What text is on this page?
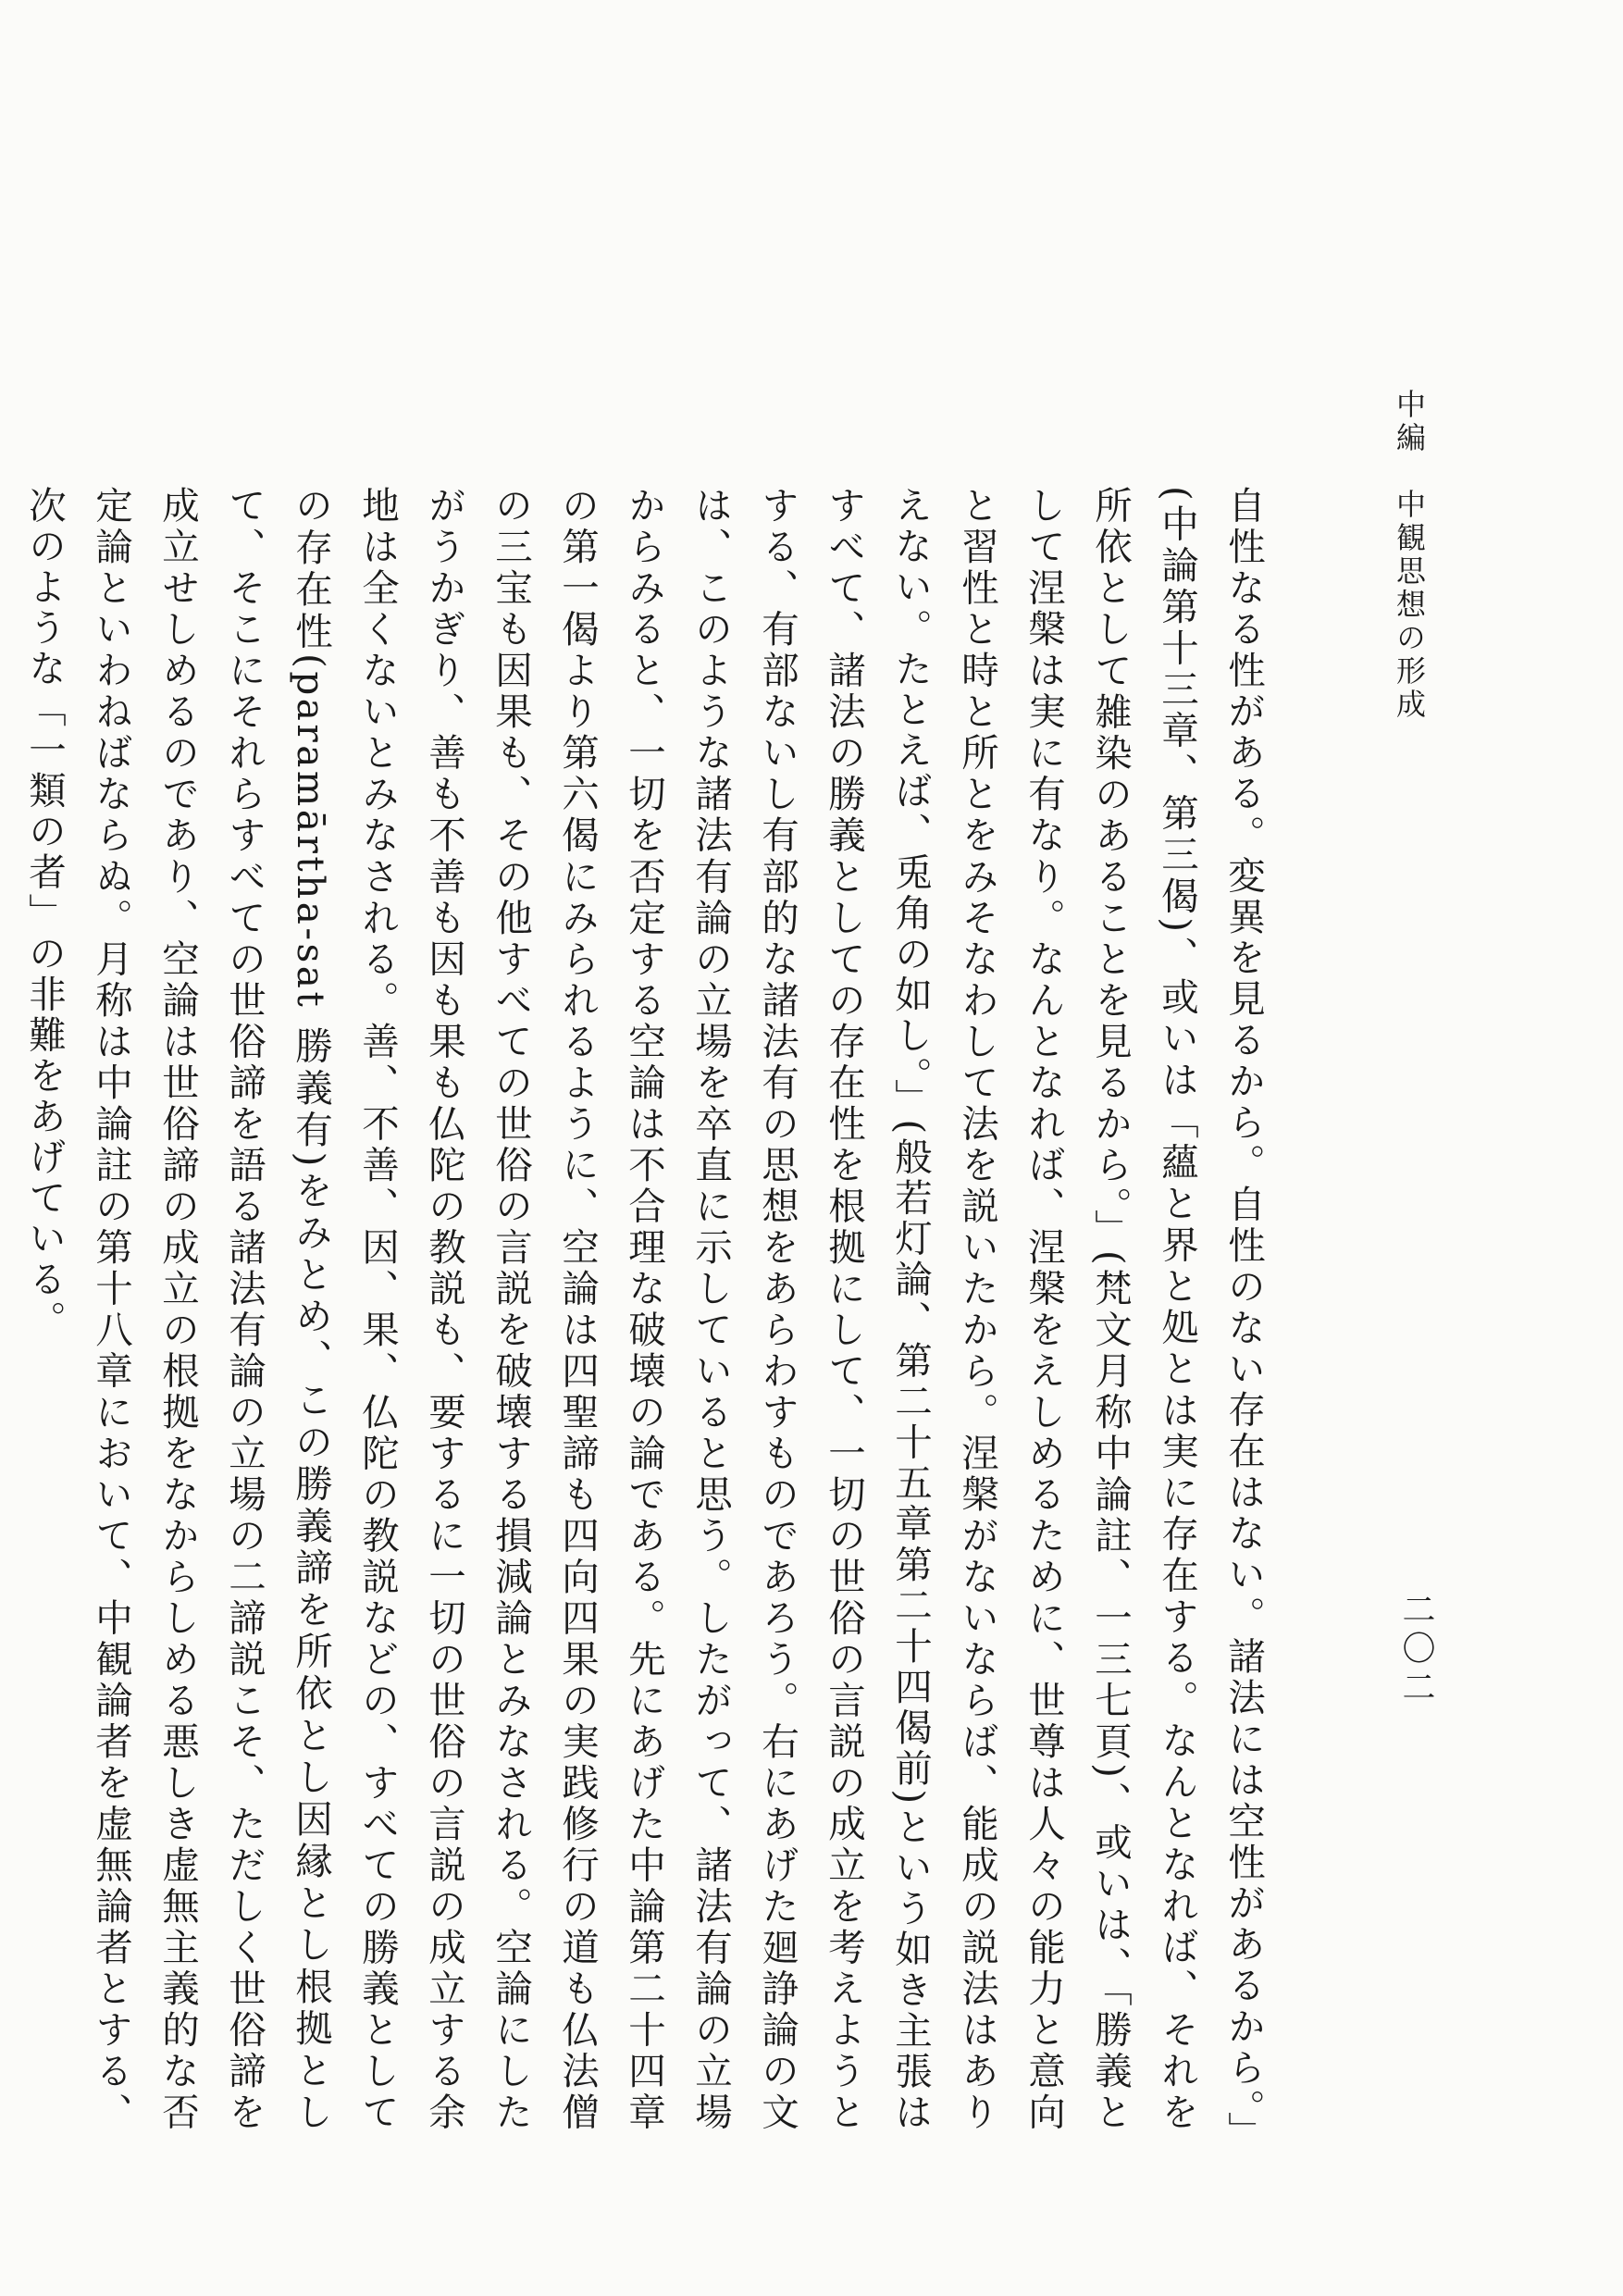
中編　中観思想の形成
二〇二

自性なる性がある。変異を見るから。自性のない存在はない。諸法には空性があるから。」(中論第十三章、第三偈)、或いは「蘊と界と処とは実に存在する。なんとなれば、それを所依として雑染のあることを見るから。」(梵文月称中論註、一三七頁)、或いは、「勝義として涅槃は実に有なり。なんとなれば、涅槃をえしめるために、世尊は人々の能力と意向と習性と時と所とをみそなわして法を説いたから。涅槃がないならば、能成の説法はありえない。たとえば、兎角の如し。」(般若灯論、第二十五章第二十四偈前)という如き主張はすべて、諸法の勝義としての存在性を根拠にして、一切の世俗の言説の成立を考えようとする、有部ないし有部的な諸法有の思想をあらわすものであろう。右にあげた廻諍論の文は、このような諸法有論の立場を卒直に示していると思う。したがって、諸法有論の立場からみると、一切を否定する空論は不合理な破壊の論である。先にあげた中論第二十四章の第一偈より第六偈にみられるように、空論は四聖諦も四向四果の実践修行の道も仏法僧の三宝も因果も、その他すべての世俗の言説を破壊する損減論とみなされる。空論にしたがうかぎり、善も不善も因も果も仏陀の教説も、要するに一切の世俗の言説の成立する余地は全くないとみなされる。善、不善、因、果、仏陀の教説などの、すべての勝義としての存在性(paramārtha-sat 勝義有)をみとめ、この勝義諦を所依とし因縁とし根拠として、そこにそれらすべての世俗諦を語る諸法有論の立場の二諦説こそ、ただしく世俗諦を成立せしめるのであり、空論は世俗諦の成立の根拠をなからしめる悪しき虚無主義的な否定論といわねばならぬ。月称は中論註の第十八章において、中観論者を虚無論者とする、次のような「一類の者」の非難をあげている。
